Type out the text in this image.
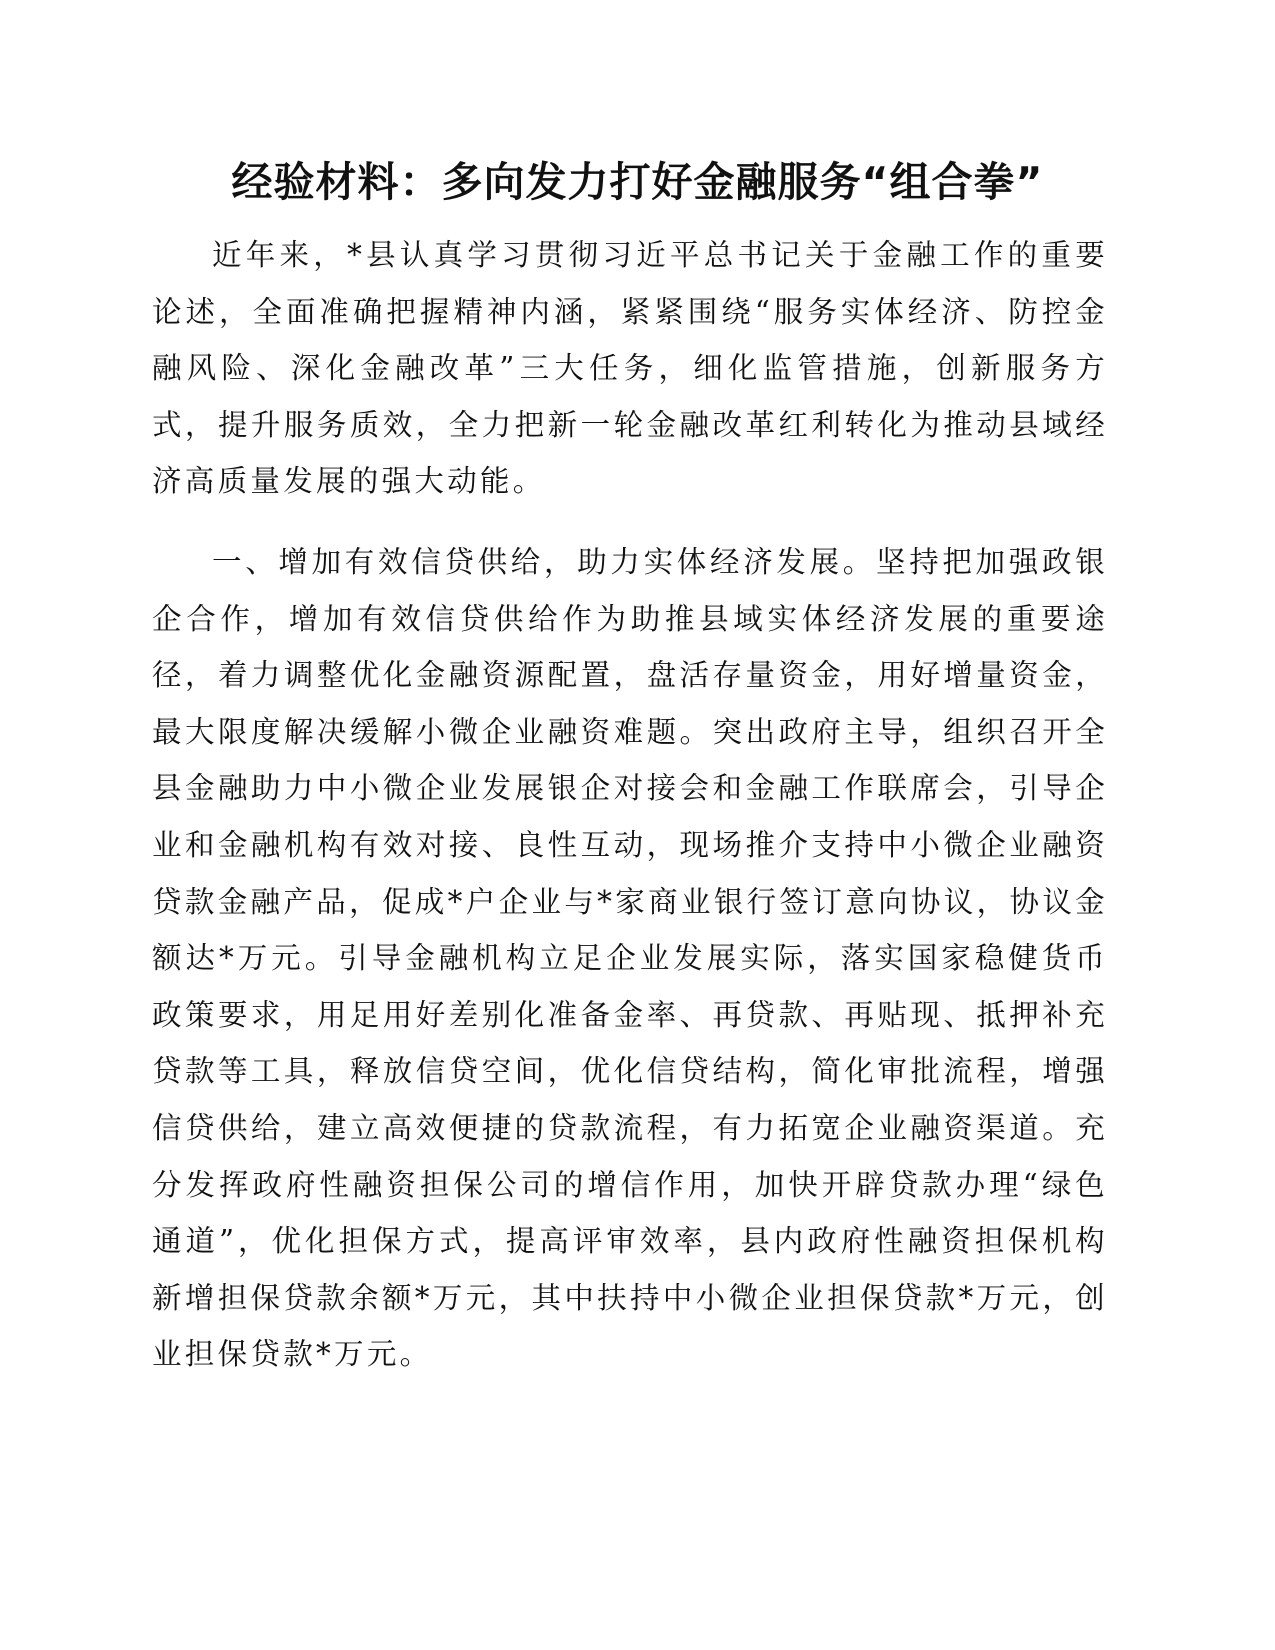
经验材料：多向发力打好金融服务“组合拳”

近年来，*县认真学习贯彻习近平总书记关于金融工作的重要论述，全面准确把握精神内涵，紧紧围绕“服务实体经济、防控金融风险、深化金融改革”三大任务，细化监管措施，创新服务方式，提升服务质效，全力把新一轮金融改革红利转化为推动县域经济高质量发展的强大动能。

一、增加有效信贷供给，助力实体经济发展。坚持把加强政银企合作，增加有效信贷供给作为助推县域实体经济发展的重要途径，着力调整优化金融资源配置，盘活存量资金，用好增量资金，最大限度解决缓解小微企业融资难题。突出政府主导，组织召开全县金融助力中小微企业发展银企对接会和金融工作联席会，引导企业和金融机构有效对接、良性互动，现场推介支持中小微企业融资贷款金融产品，促成*户企业与*家商业银行签订意向协议，协议金额达*万元。引导金融机构立足企业发展实际，落实国家稳健货币政策要求，用足用好差别化准备金率、再贷款、再贴现、抵押补充贷款等工具，释放信贷空间，优化信贷结构，简化审批流程，增强信贷供给，建立高效便捷的贷款流程，有力拓宽企业融资渠道。充分发挥政府性融资担保公司的增信作用，加快开辟贷款办理“绿色通道”，优化担保方式，提高评审效率，县内政府性融资担保机构新增担保贷款余额*万元，其中扶持中小微企业担保贷款*万元，创业担保贷款*万元。
